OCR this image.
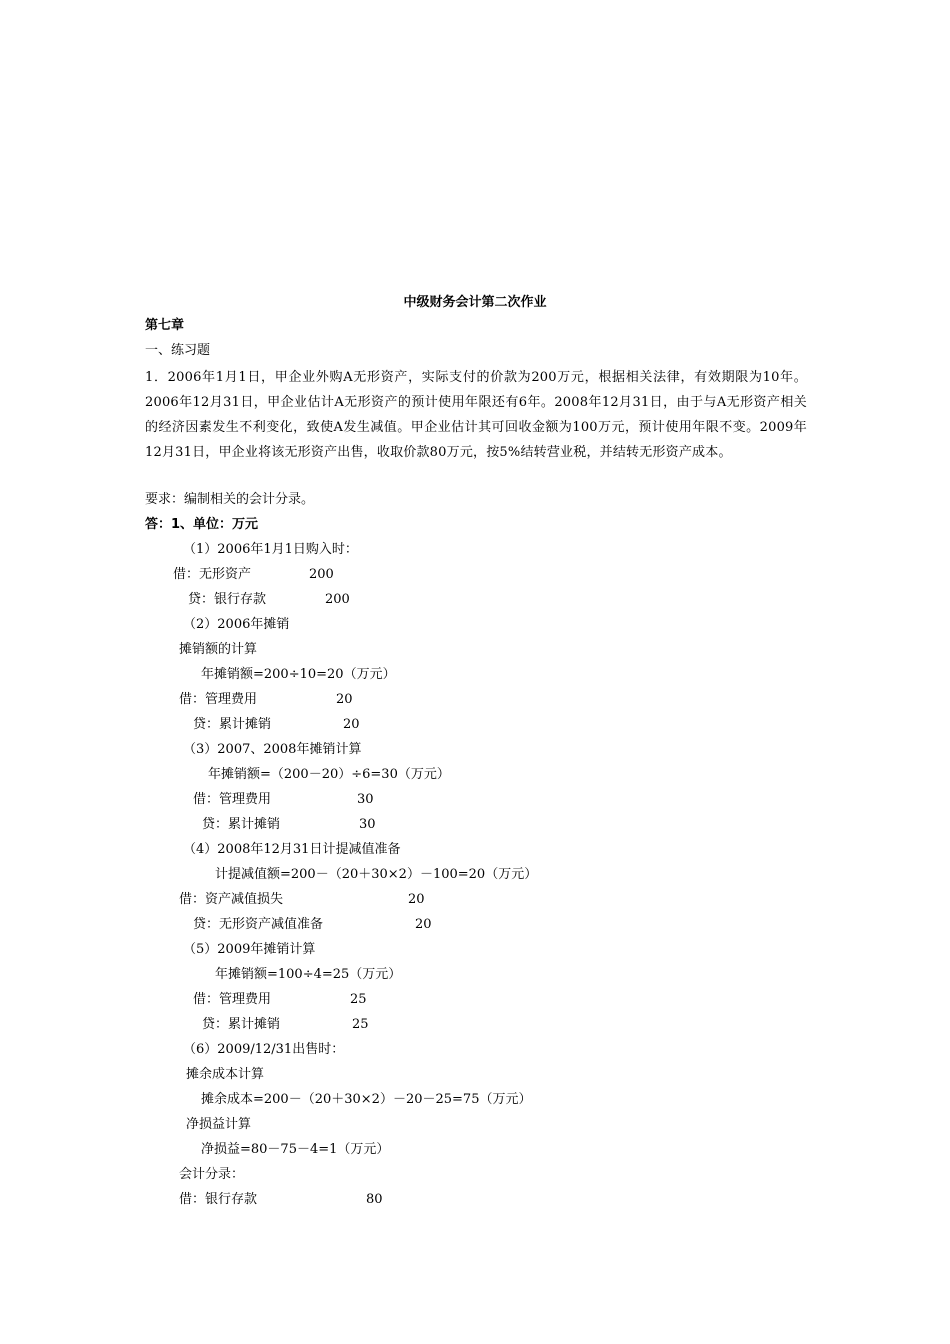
中级财务会计第二次作业
第七章
一、练习题
1．2006年1月1日，甲企业外购A无形资产，实际支付的价款为200万元，根据相关法律，有效期限为10年。2006年12月31日，甲企业估计A无形资产的预计使用年限还有6年。2008年12月31日，由于与A无形资产相关的经济因素发生不利变化，致使A发生减值。甲企业估计其可回收金额为100万元，预计使用年限不变。2009年12月31日，甲企业将该无形资产出售，收取价款80万元，按5%结转营业税，并结转无形资产成本。
要求：编制相关的会计分录。
答：1、单位：万元
（1）2006年1月1日购入时：
借：无形资产	200
贷：银行存款	200
（2）2006年摊销
摊销额的计算
年摊销额=200÷10=20（万元）
借：管理费用	20
贷：累计摊销	20
（3）2007、2008年摊销计算
年摊销额=（200－20）÷6=30（万元）
借：管理费用	30
贷：累计摊销	30
（4）2008年12月31日计提减值准备
计提减值额=200－（20＋30×2）－100=20（万元）
借：资产减值损失	20
贷：无形资产减值准备	20
（5）2009年摊销计算
年摊销额=100÷4=25（万元）
借：管理费用	25
贷：累计摊销	25
（6）2009/12/31出售时：
摊余成本计算
摊余成本=200－（20＋30×2）－20－25=75（万元）
净损益计算
净损益=80－75－4=1（万元）
会计分录：
借：银行存款	80
